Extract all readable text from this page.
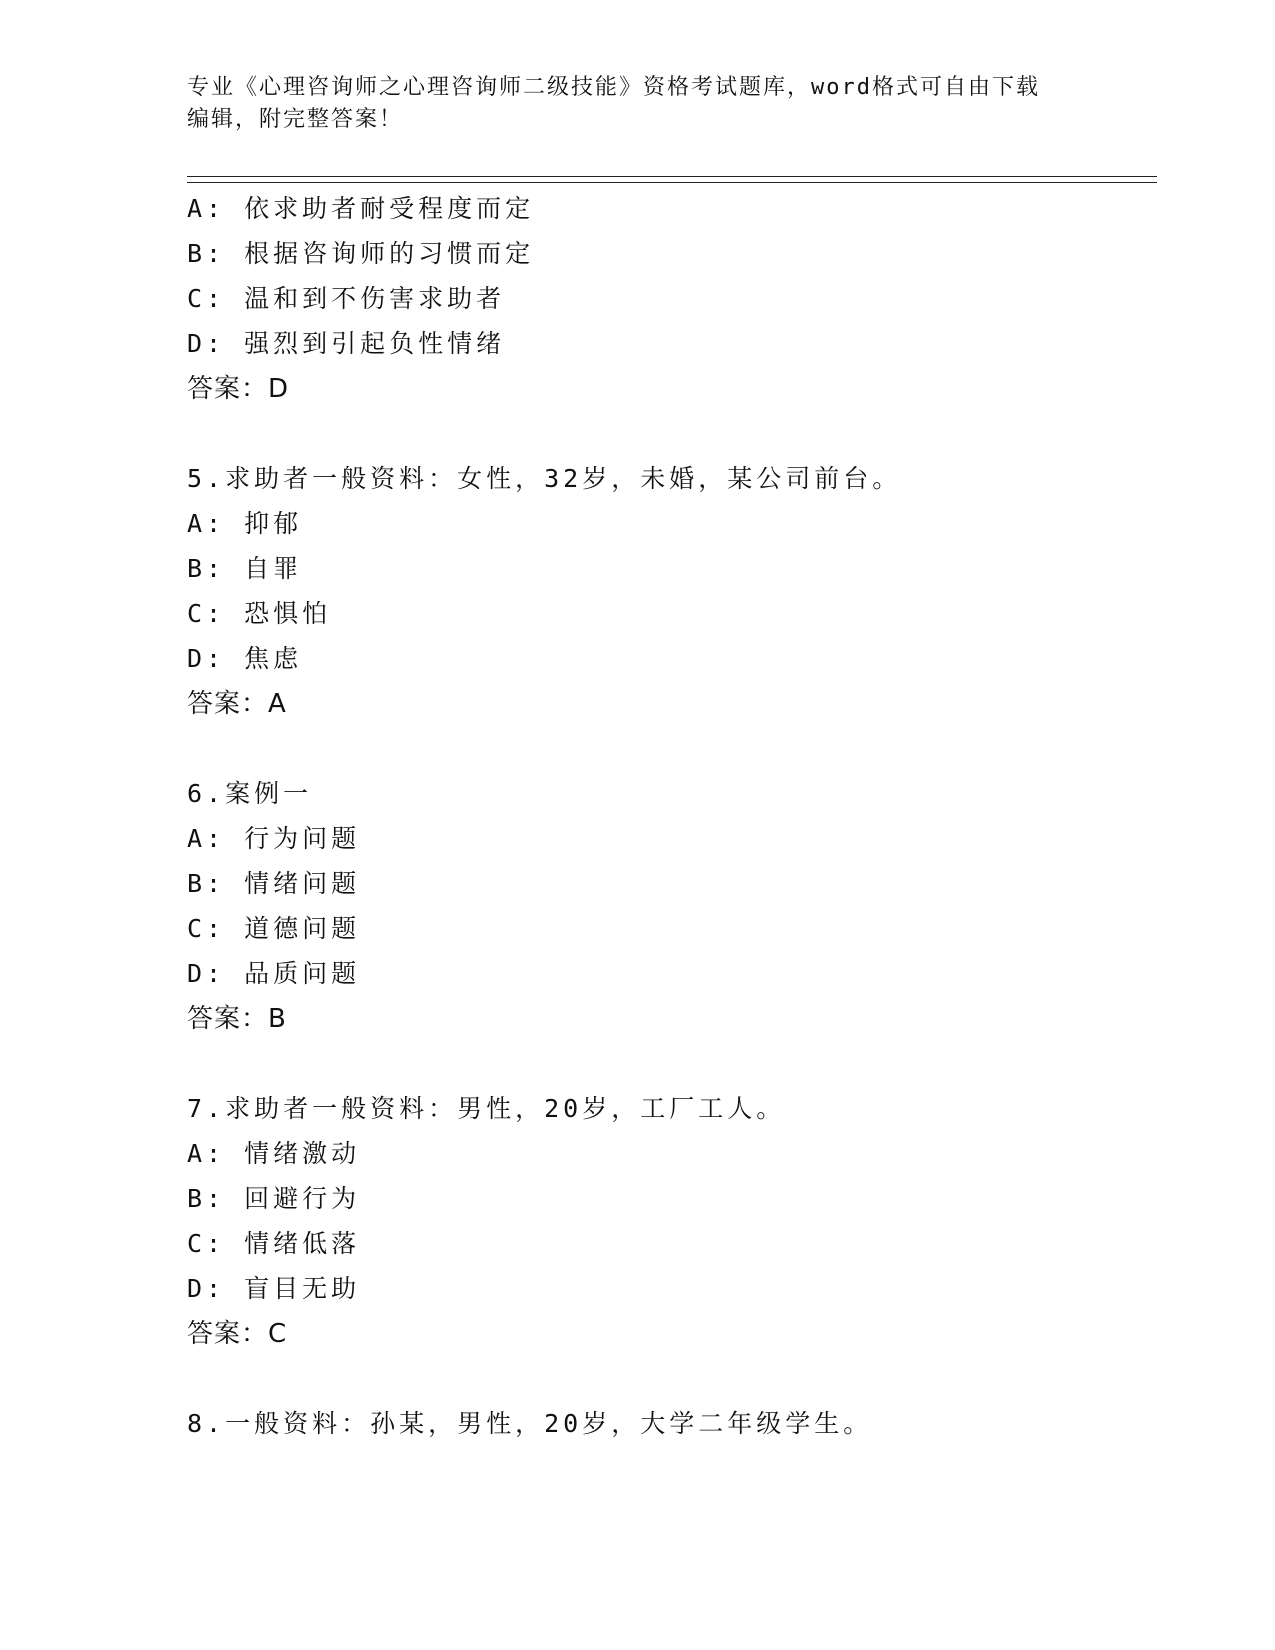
专业《心理咨询师之心理咨询师二级技能》资格考试题库，word格式可自由下载
编辑，附完整答案！
A: 依求助者耐受程度而定
B: 根据咨询师的习惯而定
C: 温和到不伤害求助者
D: 强烈到引起负性情绪
答案：D
5.求助者一般资料：女性，32岁，未婚，某公司前台。
A: 抑郁
B: 自罪
C: 恐惧怕
D: 焦虑
答案：A
6.案例一
A: 行为问题
B: 情绪问题
C: 道德问题
D: 品质问题
答案：B
7.求助者一般资料：男性，20岁，工厂工人。
A: 情绪激动
B: 回避行为
C: 情绪低落
D: 盲目无助
答案：C
8.一般资料：孙某，男性，20岁，大学二年级学生。
